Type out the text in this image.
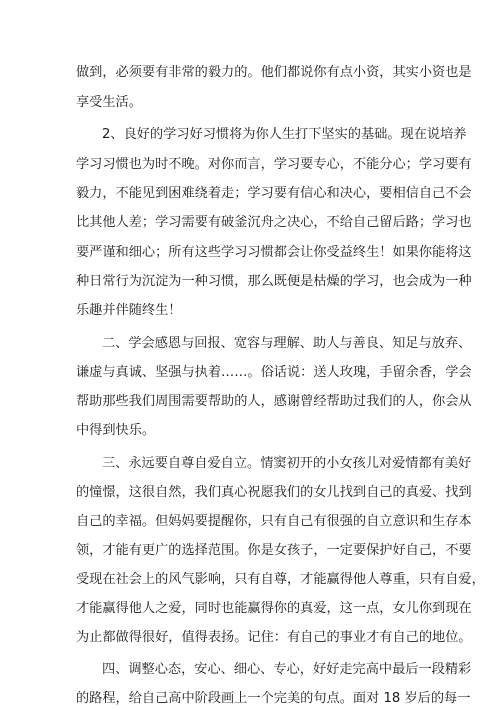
做到，必须要有非常的毅力的。他们都说你有点小资，其实小资也是
享受生活。
2、良好的学习好习惯将为你人生打下坚实的基础。现在说培养
学习习惯也为时不晚。对你而言，学习要专心，不能分心；学习要有
毅力，不能见到困难绕着走；学习要有信心和决心，要相信自己不会
比其他人差；学习需要有破釜沉舟之决心，不给自己留后路；学习也
要严谨和细心；所有这些学习习惯都会让你受益终生！如果你能将这
种日常行为沉淀为一种习惯，那么既便是枯燥的学习，也会成为一种
乐趣并伴随终生！
二、学会感恩与回报、宽容与理解、助人与善良、知足与放弃、
谦虚与真诚、坚强与执着……。俗话说：送人玫瑰，手留余香，学会
帮助那些我们周围需要帮助的人，感谢曾经帮助过我们的人，你会从
中得到快乐。
三、永远要自尊自爱自立。情窦初开的小女孩儿对爱情都有美好
的憧憬，这很自然，我们真心祝愿我们的女儿找到自己的真爱、找到
自己的幸福。但妈妈要提醒你，只有自己有很强的自立意识和生存本
领，才能有更广的选择范围。你是女孩子，一定要保护好自己，不要
受现在社会上的风气影响，只有自尊，才能赢得他人尊重，只有自爱，
才能赢得他人之爱，同时也能赢得你的真爱，这一点，女儿你到现在
为止都做得很好，值得表扬。记住：有自己的事业才有自己的地位。
四、调整心态，安心、细心、专心，好好走完高中最后一段精彩
的路程，给自己高中阶段画上一个完美的句点。面对 18 岁后的每一
